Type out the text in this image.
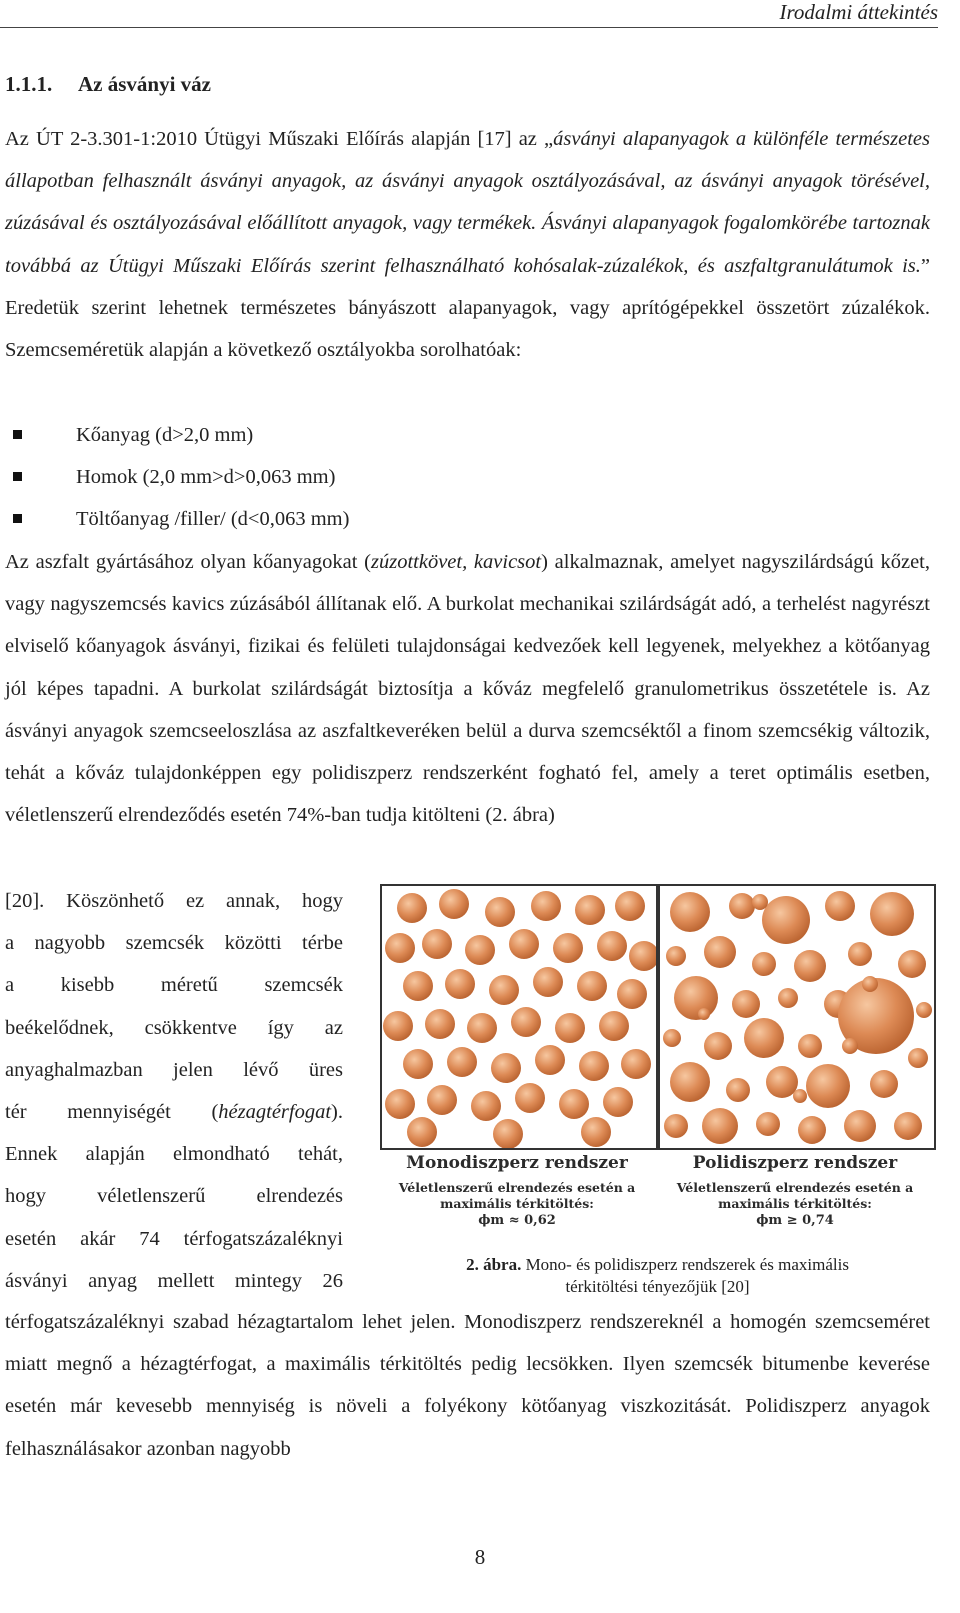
Irodalmi áttekintés
1.1.1. Az ásványi váz

Az ÚT 2-3.301-1:2010 Útügyi Műszaki Előírás alapján [17] az „ásványi alapanyagok a különféle természetes állapotban felhasznált ásványi anyagok, az ásványi anyagok osztályozásával, az ásványi anyagok törésével, zúzásával és osztályozásával előállított anyagok, vagy termékek. Ásványi alapanyagok fogalomkörébe tartoznak továbbá az Útügyi Műszaki Előírás szerint felhasználható kohósalak-zúzalékok, és aszfaltgranulátumok is.” Eredetük szerint lehetnek természetes bányászott alapanyagok, vagy aprítógépekkel összetört zúzalékok. Szemcseméretük alapján a következő osztályokba sorolhatóak:

Kőanyag (d>2,0 mm)
Homok (2,0 mm>d>0,063 mm)
Töltőanyag /filler/ (d<0,063 mm)

Az aszfalt gyártásához olyan kőanyagokat (zúzottkövet, kavicsot) alkalmaznak, amelyet nagyszilárdságú kőzet, vagy nagyszemcsés kavics zúzásából állítanak elő. A burkolat mechanikai szilárdságát adó, a terhelést nagyrészt elviselő kőanyagok ásványi, fizikai és felületi tulajdonságai kedvezőek kell legyenek, melyekhez a kötőanyag jól képes tapadni. A burkolat szilárdságát biztosítja a kőváz megfelelő granulometrikus összetétele is. Az ásványi anyagok szemcseeloszlása az aszfaltkeveréken belül a durva szemcséktől a finom szemcsékig változik, tehát a kőváz tulajdonképpen egy polidiszperz rendszerként fogható fel, amely a teret optimális esetben, véletlenszerű elrendeződés esetén 74%-ban tudja kitölteni (2. ábra)

[20]. Köszönhető ez annak, hogy
a nagyobb szemcsék közötti térbe
a kisebb méretű szemcsék
beékelődnek, csökkentve így az
anyaghalmazban jelen lévő üres
tér mennyiségét (hézagtérfogat).
Ennek alapján elmondható tehát,
hogy véletlenszerű elrendezés
esetén akár 74 térfogatszázaléknyi
ásványi anyag mellett mintegy 26
Monodiszperz rendszer
Véletlenszerű elrendezés esetén a
maximális térkitöltés:
ϕm ≈ 0,62
Polidiszperz rendszer
Véletlenszerű elrendezés esetén a
maximális térkitöltés:
ϕm ≥ 0,74
2. ábra. Mono- és polidiszperz rendszerek és maximális
térkitöltési tényezőjük [20]

térfogatszázaléknyi szabad hézagtartalom lehet jelen. Monodiszperz rendszereknél a homogén szemcseméret miatt megnő a hézagtérfogat, a maximális térkitöltés pedig lecsökken. Ilyen szemcsék bitumenbe keverése esetén már kevesebb mennyiség is növeli a folyékony kötőanyag viszkozitását. Polidiszperz anyagok felhasználásakor azonban nagyobb

8
